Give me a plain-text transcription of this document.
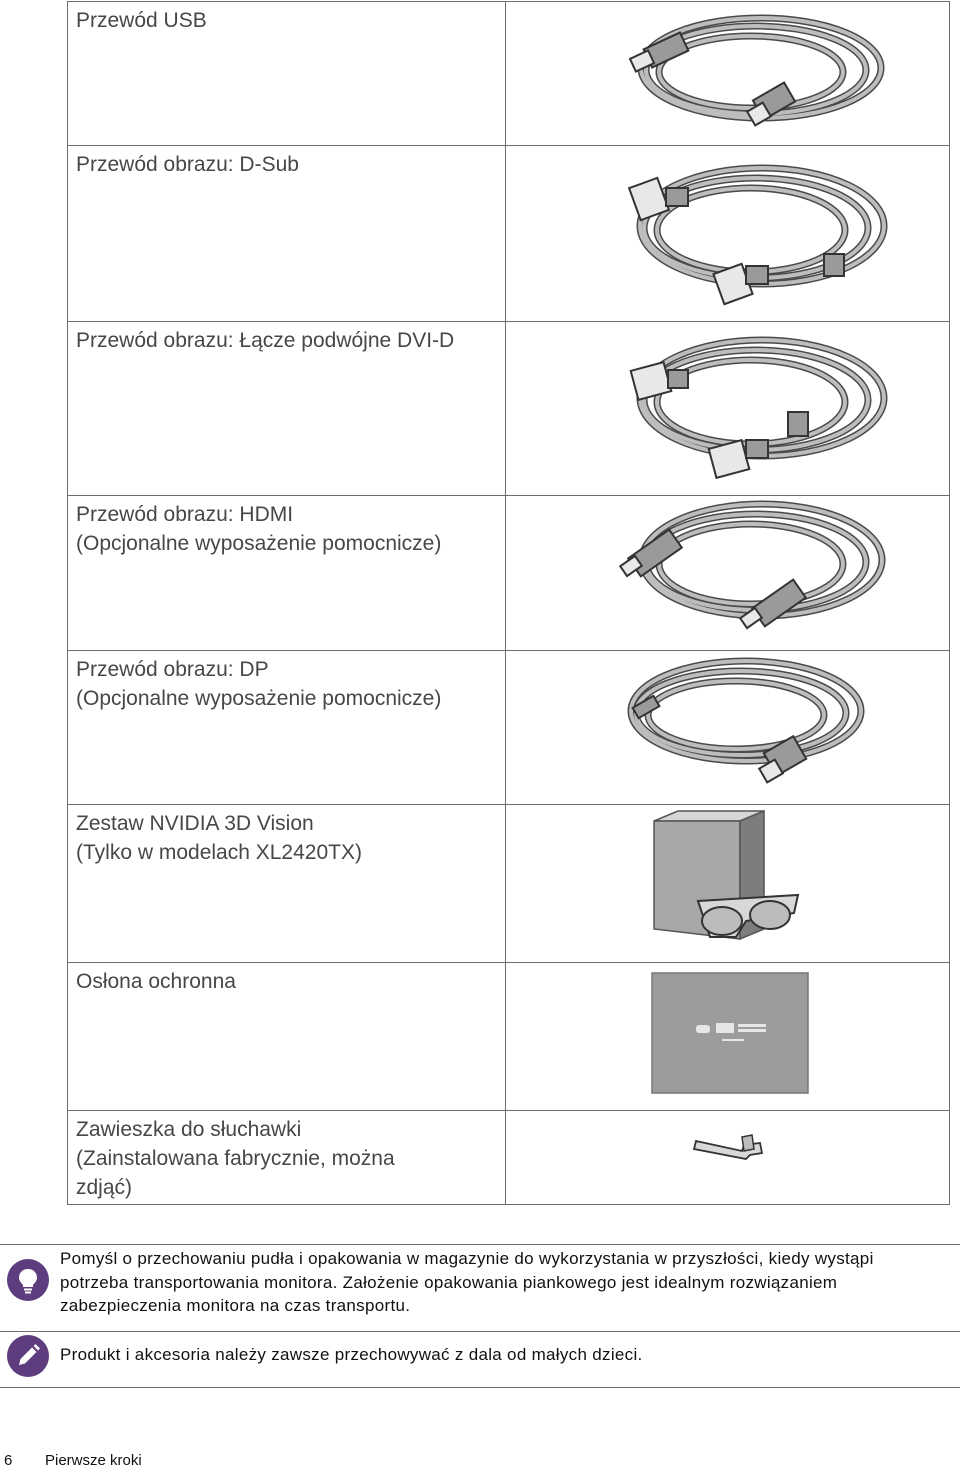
Przewód USB

Przewód obrazu: D-Sub

Przewód obrazu: Łącze podwójne DVI-D

Przewód obrazu: HDMI
(Opcjonalne wyposażenie pomocnicze)

Przewód obrazu: DP
(Opcjonalne wyposażenie pomocnicze)

Zestaw NVIDIA 3D Vision
(Tylko w modelach XL2420TX)

Osłona ochronna

Zawieszka do słuchawki
(Zainstalowana fabrycznie, można
zdjąć)

Pomyśl o przechowaniu pudła i opakowania w magazynie do wykorzystania w przyszłości, kiedy wystąpi potrzeba transportowania monitora. Założenie opakowania piankowego jest idealnym rozwiązaniem zabezpieczenia monitora na czas transportu.
Produkt i akcesoria należy zawsze przechowywać z dala od małych dzieci.
6 Pierwsze kroki
